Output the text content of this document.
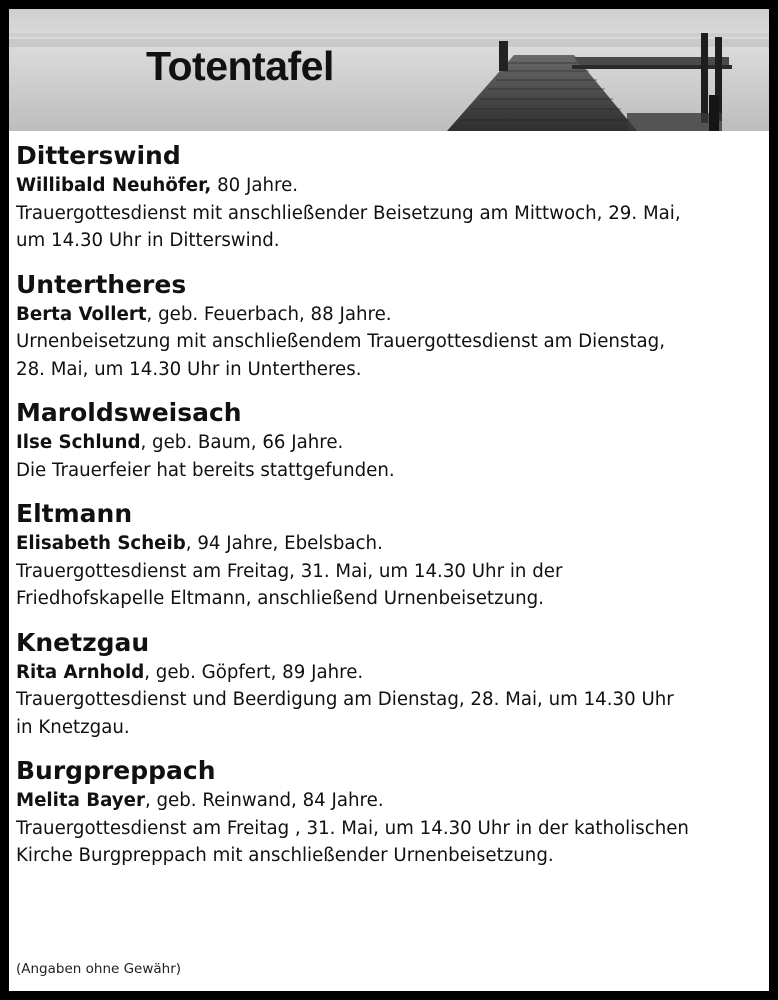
Totentafel
Ditterswind
Willibald Neuhöfer, 80 Jahre.
Trauergottesdienst mit anschließender Beisetzung am Mittwoch, 29. Mai,
um 14.30 Uhr in Ditterswind.
Untertheres
Berta Vollert, geb. Feuerbach, 88 Jahre.
Urnenbeisetzung mit anschließendem Trauergottesdienst am Dienstag,
28. Mai, um 14.30 Uhr in Untertheres.
Maroldsweisach
Ilse Schlund, geb. Baum, 66 Jahre.
Die Trauerfeier hat bereits stattgefunden.
Eltmann
Elisabeth Scheib, 94 Jahre, Ebelsbach.
Trauergottesdienst am Freitag, 31. Mai, um 14.30 Uhr in der
Friedhofskapelle Eltmann, anschließend Urnenbeisetzung.
Knetzgau
Rita Arnhold, geb. Göpfert, 89 Jahre.
Trauergottesdienst und Beerdigung am Dienstag, 28. Mai, um 14.30 Uhr
in Knetzgau.
Burgpreppach
Melita Bayer, geb. Reinwand, 84 Jahre.
Trauergottesdienst am Freitag , 31. Mai, um 14.30 Uhr in der katholischen
Kirche Burgpreppach mit anschließender Urnenbeisetzung.
(Angaben ohne Gewähr)
